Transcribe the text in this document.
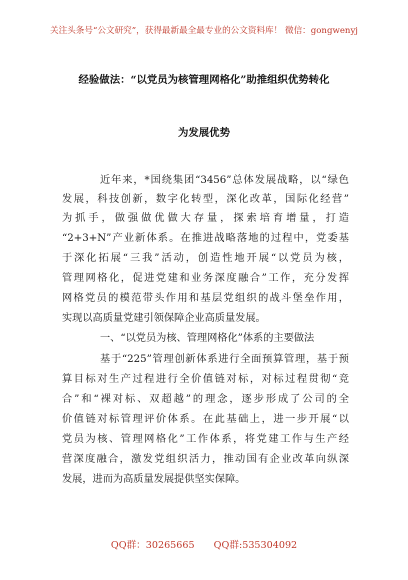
关注头条号“公文研究”，获得最新最全最专业的公文资料库！ 微信：gongwenyj
经验做法：“以党员为核管理网格化”助推组织优势转化
为发展优势
近年来，*国绕集团“3456”总体发展战略，以“绿色
发展，科技创新，数字化转型，深化改革，国际化经营”
为抓手，做强做优做大存量，探索培育增量，打造
“2+3+N”产业新体系。在推进战略落地的过程中，党委基
于深化拓展“三我”活动，创造性地开展“以党员为核，
管理网格化，促进党建和业务深度融合”工作，充分发挥
网格党员的模范带头作用和基层党组织的战斗堡垒作用，
实现以高质量党建引领保障企业高质量发展。
一、“以党员为核、管理网格化”体系的主要做法
基于“225”管理创新体系进行全面预算管理，基于预
算目标对生产过程进行全价值链对标，对标过程贯彻“竞
合”和“裸对标、双超越”的理念，逐步形成了公司的全
价值链对标管理评价体系。在此基础上，进一步开展“以
党员为核、管理网格化”工作体系，将党建工作与生产经
营深度融合，激发党组织活力，推动国有企业改革向纵深
发展，进而为高质量发展提供坚实保障。
QQ群：30265665 QQ群:535304092
